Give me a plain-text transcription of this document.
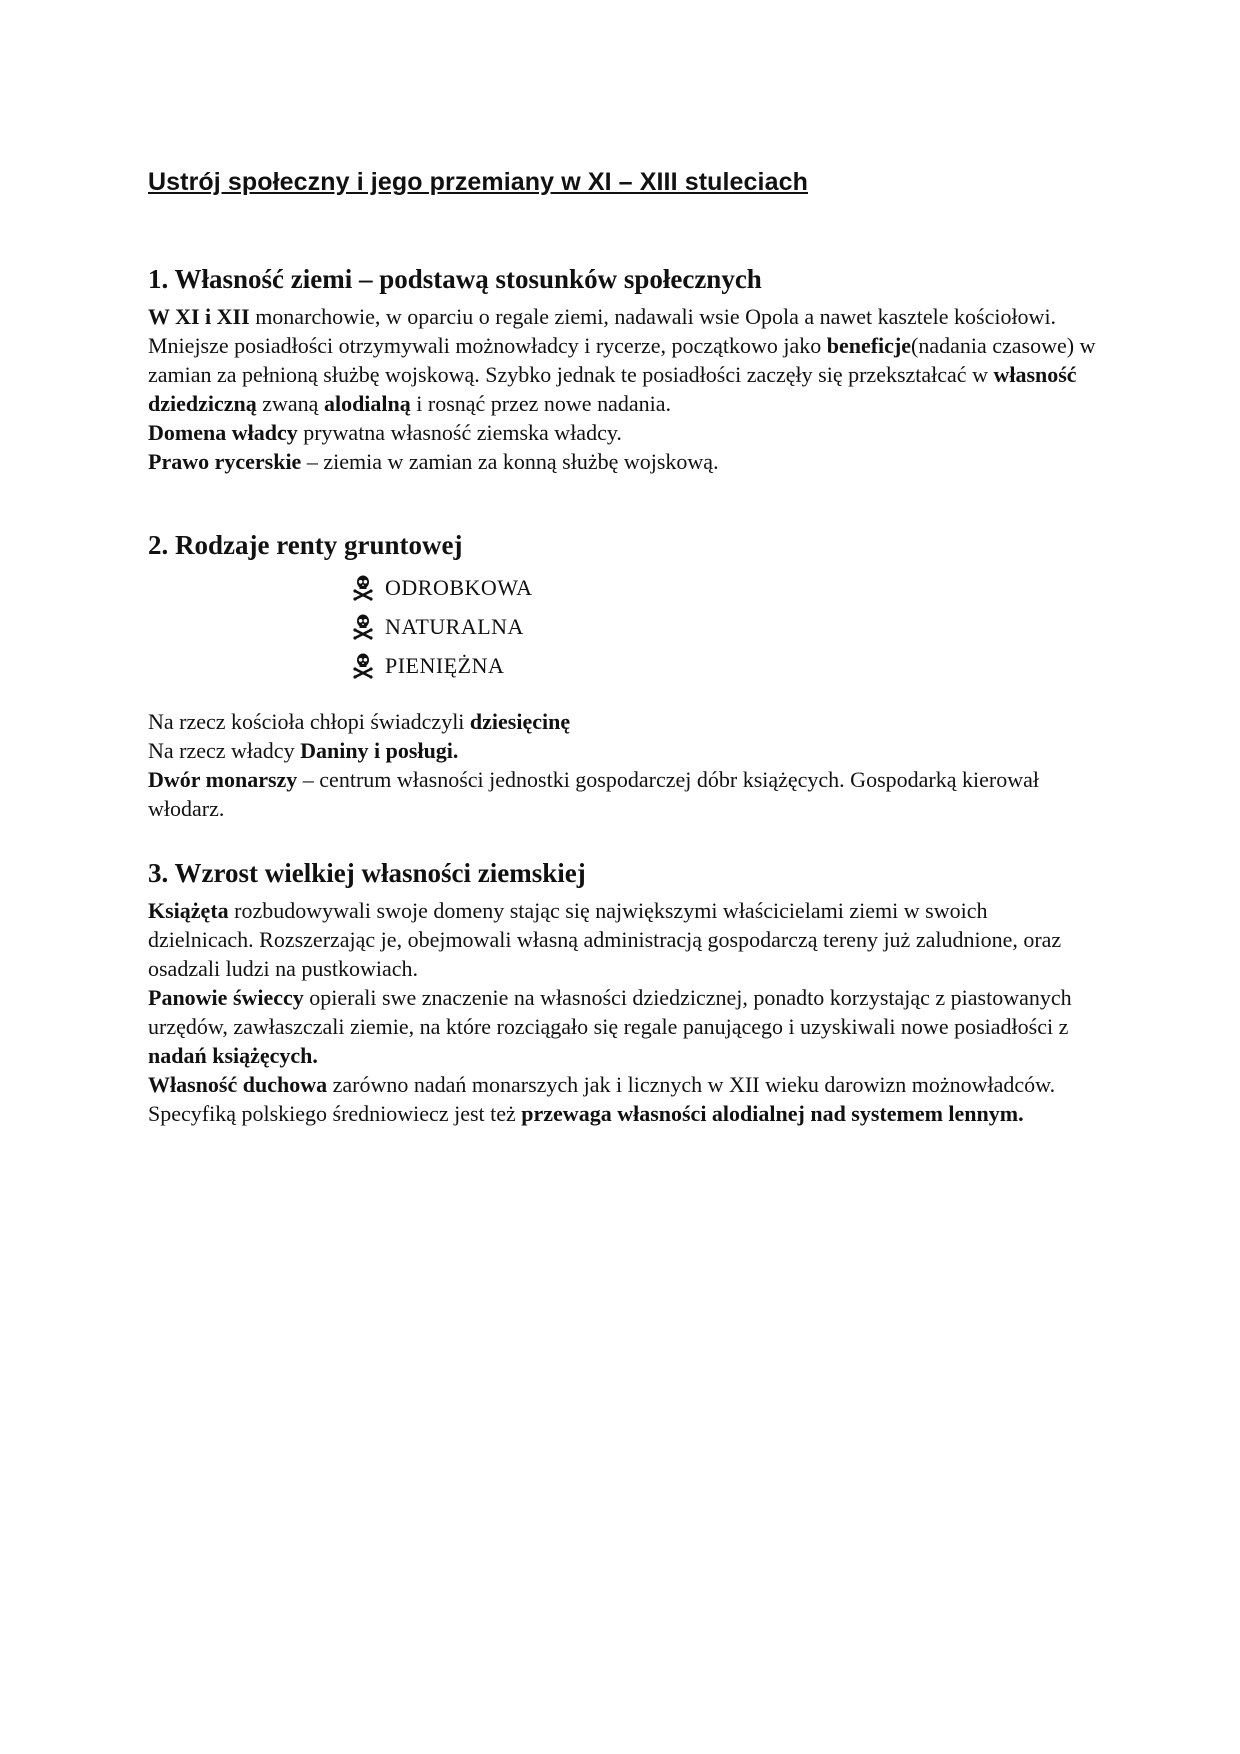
Ustrój społeczny i jego przemiany w XI – XIII stuleciach
1. Własność ziemi – podstawą stosunków społecznych

W XI i XII monarchowie, w oparciu o regale ziemi, nadawali wsie Opola a nawet kasztele kościołowi. Mniejsze posiadłości otrzymywali możnowładcy i rycerze, początkowo jako beneficje(nadania czasowe) w zamian za pełnioną służbę wojskową. Szybko jednak te posiadłości zaczęły się przekształcać w własność dziedziczną zwaną alodialną i rosnąć przez nowe nadania.

Domena władcy prywatna własność ziemska władcy.

Prawo rycerskie – ziemia w zamian za konną służbę wojskową.

2. Rodzaje renty gruntowej
ODROBKOWA
NATURALNA
PIENIĘŻNA

Na rzecz kościoła chłopi świadczyli dziesięcinę

Na rzecz władcy Daniny i posługi.

Dwór monarszy – centrum własności jednostki gospodarczej dóbr książęcych. Gospodarką kierował włodarz.

3. Wzrost wielkiej własności ziemskiej

Książęta rozbudowywali swoje domeny stając się największymi właścicielami ziemi w swoich dzielnicach. Rozszerzając je, obejmowali własną administracją gospodarczą tereny już zaludnione, oraz osadzali ludzi na pustkowiach.

Panowie świeccy opierali swe znaczenie na własności dziedzicznej, ponadto korzystając z piastowanych urzędów, zawłaszczali ziemie, na które rozciągało się regale panującego i uzyskiwali nowe posiadłości z nadań książęcych.

Własność duchowa zarówno nadań monarszych jak i licznych w XII wieku darowizn możnowładców.

Specyfiką polskiego średniowiecz jest też przewaga własności alodialnej nad systemem lennym.
